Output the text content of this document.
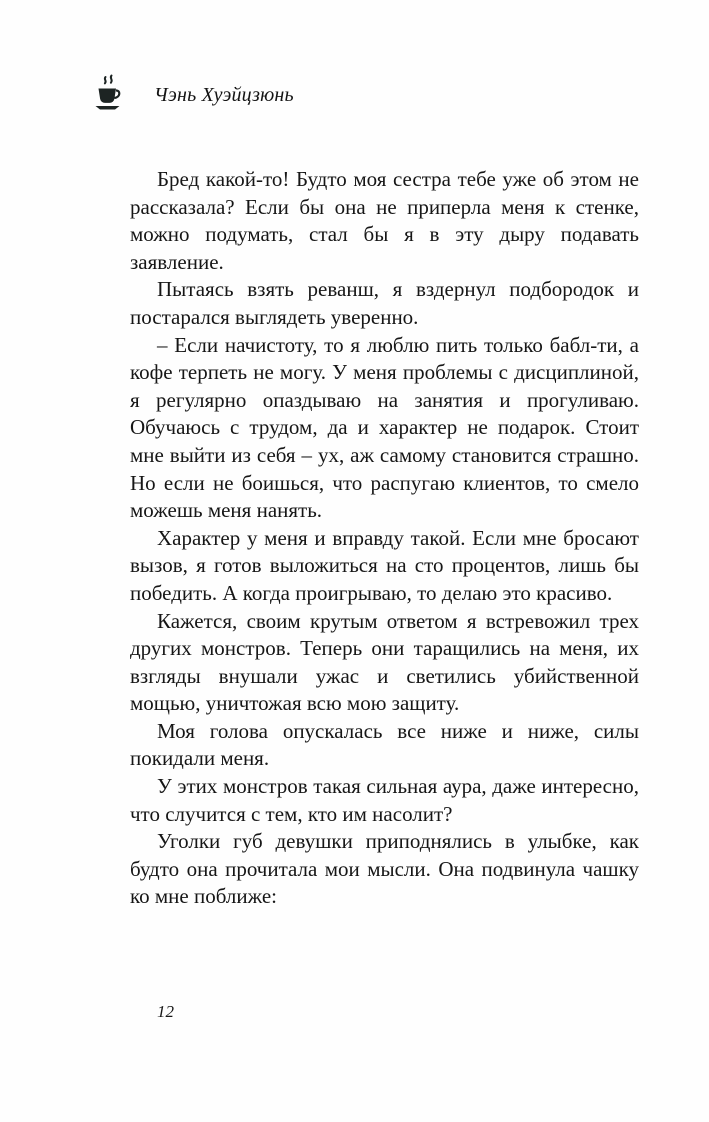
Чэнь Хуэйцзюнь

Бред какой-то! Будто моя сестра тебе уже об этом не рассказала? Если бы она не приперла меня к стенке, можно подумать, стал бы я в эту дыру подавать заявление.

Пытаясь взять реванш, я вздернул подбородок и постарался выглядеть уверенно.

– Если начистоту, то я люблю пить только бабл-ти, а кофе терпеть не могу. У меня проблемы с дисциплиной, я регулярно опаздываю на занятия и прогуливаю. Обучаюсь с трудом, да и характер не подарок. Стоит мне выйти из себя – ух, аж самому становится страшно. Но если не боишься, что распугаю клиентов, то смело можешь меня нанять.

Характер у меня и вправду такой. Если мне бросают вызов, я готов выложиться на сто процентов, лишь бы победить. А когда проигрываю, то делаю это красиво.

Кажется, своим крутым ответом я встревожил трех других монстров. Теперь они таращились на меня, их взгляды внушали ужас и светились убийственной мощью, уничтожая всю мою защиту.

Моя голова опускалась все ниже и ниже, силы покидали меня.

У этих монстров такая сильная аура, даже интересно, что случится с тем, кто им насолит?

Уголки губ девушки приподнялись в улыбке, как будто она прочитала мои мысли. Она подвинула чашку ко мне поближе:

12
